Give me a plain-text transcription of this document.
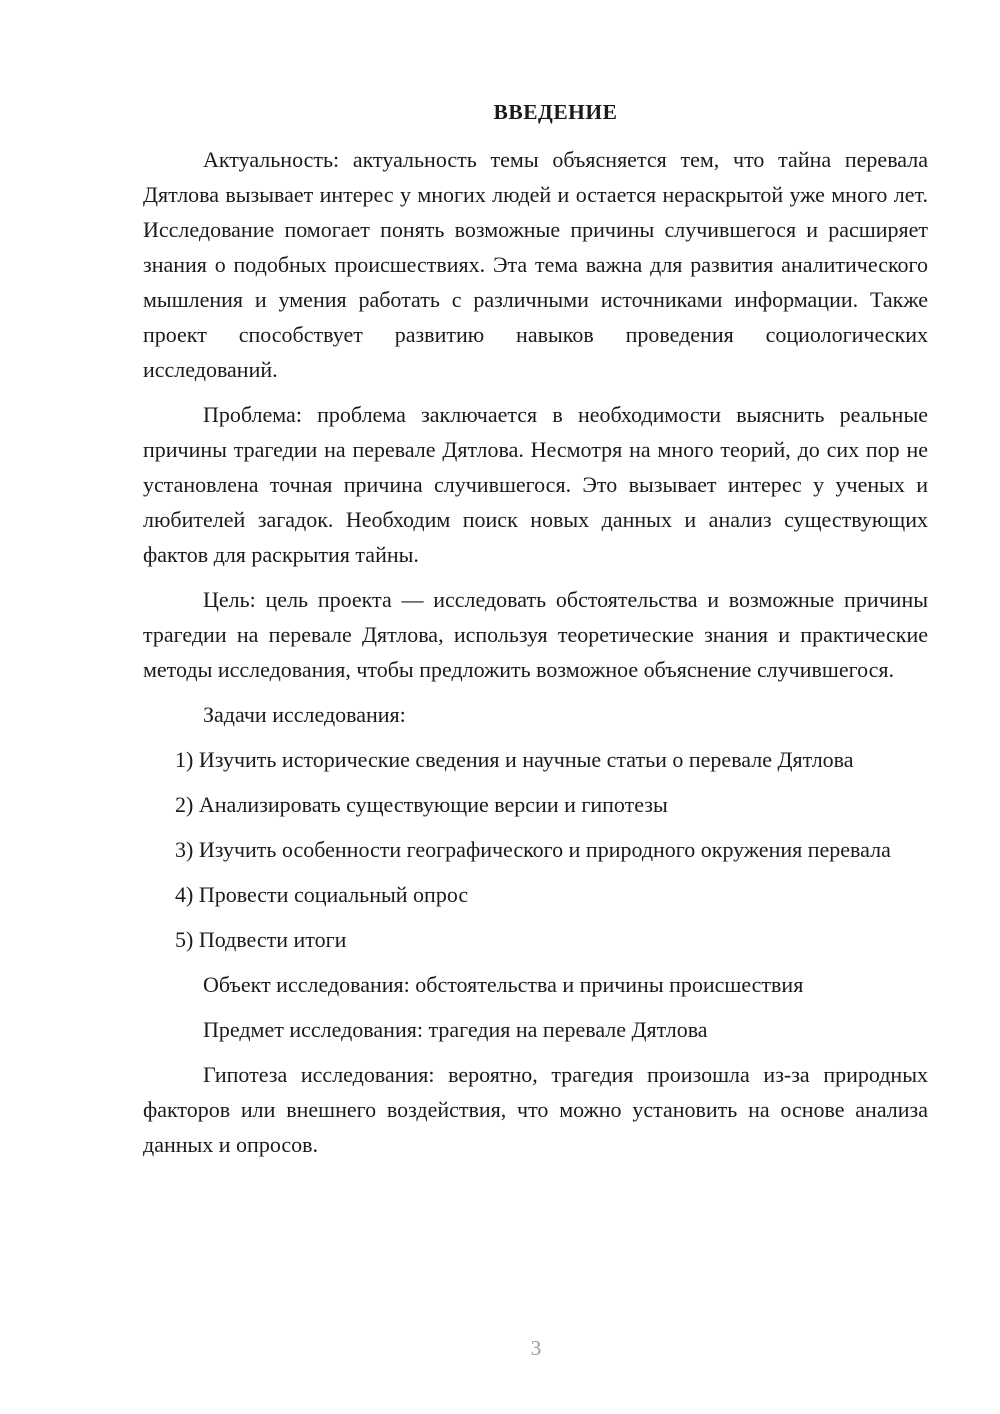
ВВЕДЕНИЕ

Актуальность: актуальность темы объясняется тем, что тайна перевала Дятлова вызывает интерес у многих людей и остается нераскрытой уже много лет. Исследование помогает понять возможные причины случившегося и расширяет знания о подобных происшествиях. Эта тема важна для развития аналитического мышления и умения работать с различными источниками информации. Также проект способствует развитию навыков проведения социологических исследований.

Проблема: проблема заключается в необходимости выяснить реальные причины трагедии на перевале Дятлова. Несмотря на много теорий, до сих пор не установлена точная причина случившегося. Это вызывает интерес у ученых и любителей загадок. Необходим поиск новых данных и анализ существующих фактов для раскрытия тайны.

Цель: цель проекта — исследовать обстоятельства и возможные причины трагедии на перевале Дятлова, используя теоретические знания и практические методы исследования, чтобы предложить возможное объяснение случившегося.

Задачи исследования:

1) Изучить исторические сведения и научные статьи о перевале Дятлова

2) Анализировать существующие версии и гипотезы

3) Изучить особенности географического и природного окружения перевала

4) Провести социальный опрос

5) Подвести итоги

Объект исследования: обстоятельства и причины происшествия

Предмет исследования: трагедия на перевале Дятлова

Гипотеза исследования: вероятно, трагедия произошла из-за природных факторов или внешнего воздействия, что можно установить на основе анализа данных и опросов.

3
